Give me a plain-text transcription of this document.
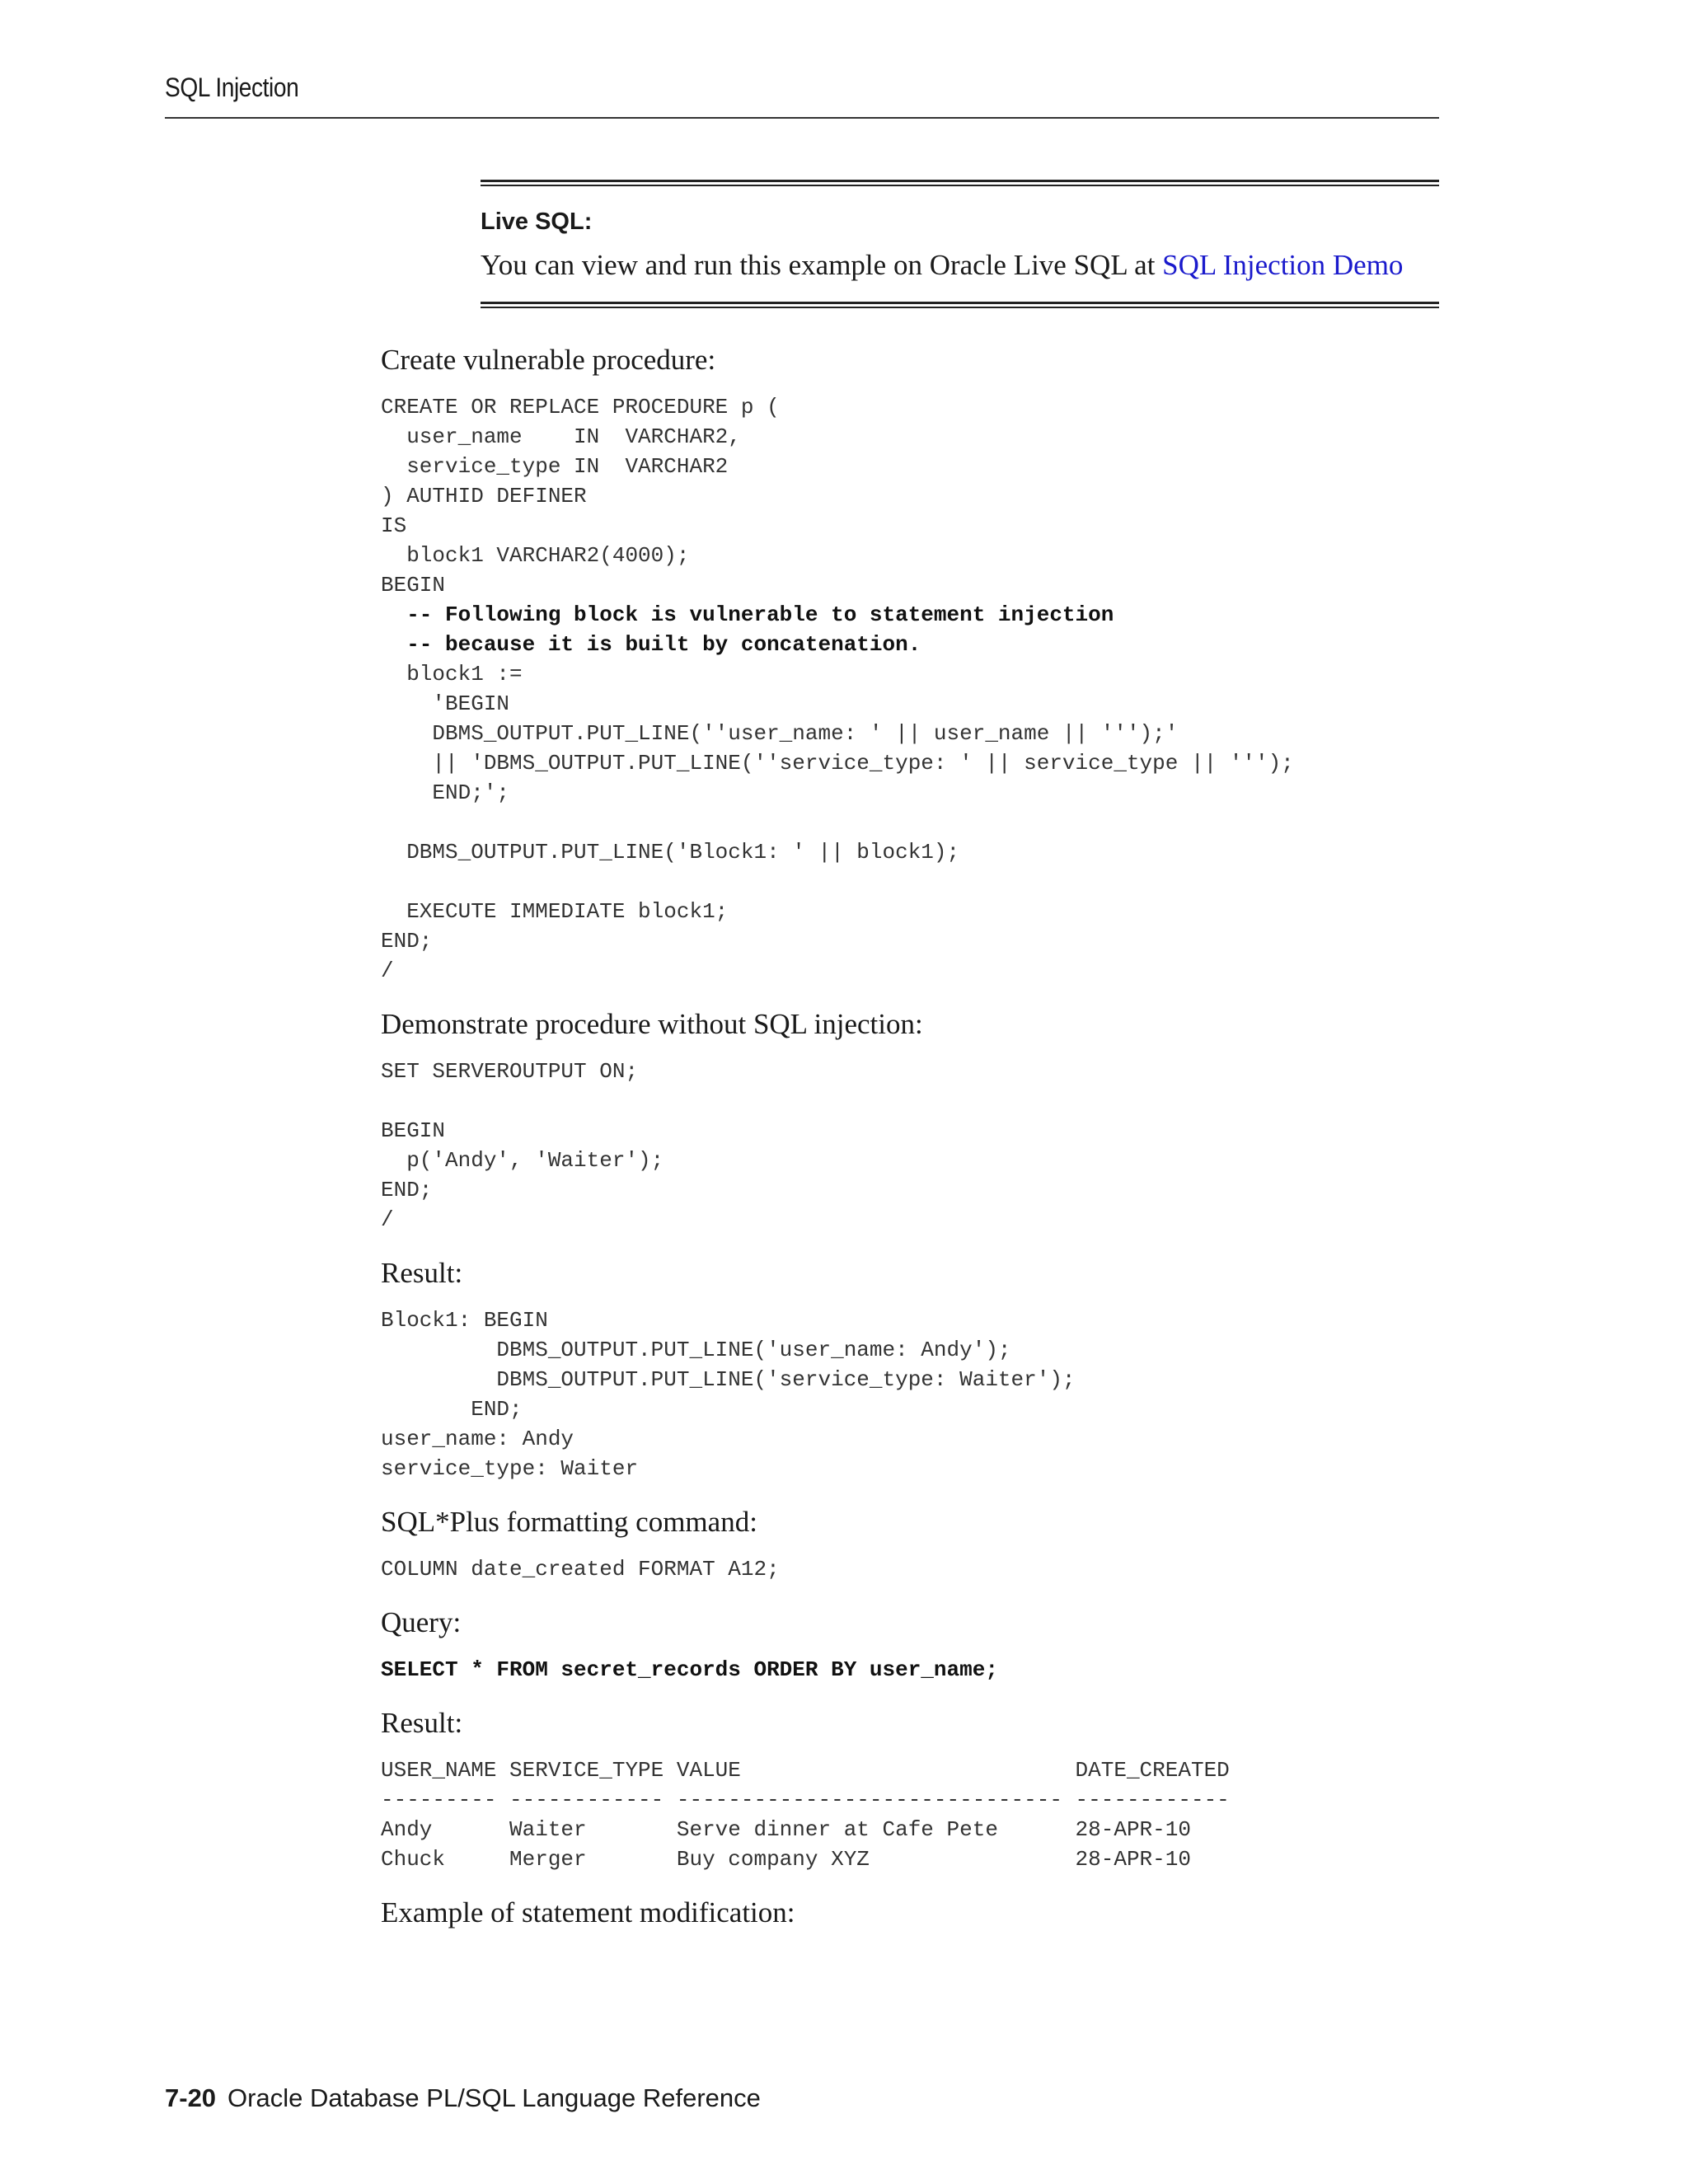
SQL Injection
Live SQL:
You can view and run this example on Oracle Live SQL at SQL Injection Demo

Create vulnerable procedure:

CREATE OR REPLACE PROCEDURE p (
user_name    IN  VARCHAR2,
service_type IN  VARCHAR2
) AUTHID DEFINER
IS
block1 VARCHAR2(4000);
BEGIN
-- Following block is vulnerable to statement injection
-- because it is built by concatenation.
block1 :=
'BEGIN
DBMS_OUTPUT.PUT_LINE(''user_name: ' || user_name || ''');'
|| 'DBMS_OUTPUT.PUT_LINE(''service_type: ' || service_type || ''');
END;';

DBMS_OUTPUT.PUT_LINE('Block1: ' || block1);

EXECUTE IMMEDIATE block1;
END;
/

Demonstrate procedure without SQL injection:

SET SERVEROUTPUT ON;

BEGIN
p('Andy', 'Waiter');
END;
/

Result:

Block1: BEGIN
DBMS_OUTPUT.PUT_LINE('user_name: Andy');
DBMS_OUTPUT.PUT_LINE('service_type: Waiter');
END;
user_name: Andy
service_type: Waiter

SQL*Plus formatting command:

COLUMN date_created FORMAT A12;

Query:

SELECT * FROM secret_records ORDER BY user_name;

Result:

USER_NAME SERVICE_TYPE VALUE                          DATE_CREATED
--------- ------------ ------------------------------ ------------
Andy      Waiter       Serve dinner at Cafe Pete      28-APR-10
Chuck     Merger       Buy company XYZ                28-APR-10

Example of statement modification:

7-20 Oracle Database PL/SQL Language Reference
